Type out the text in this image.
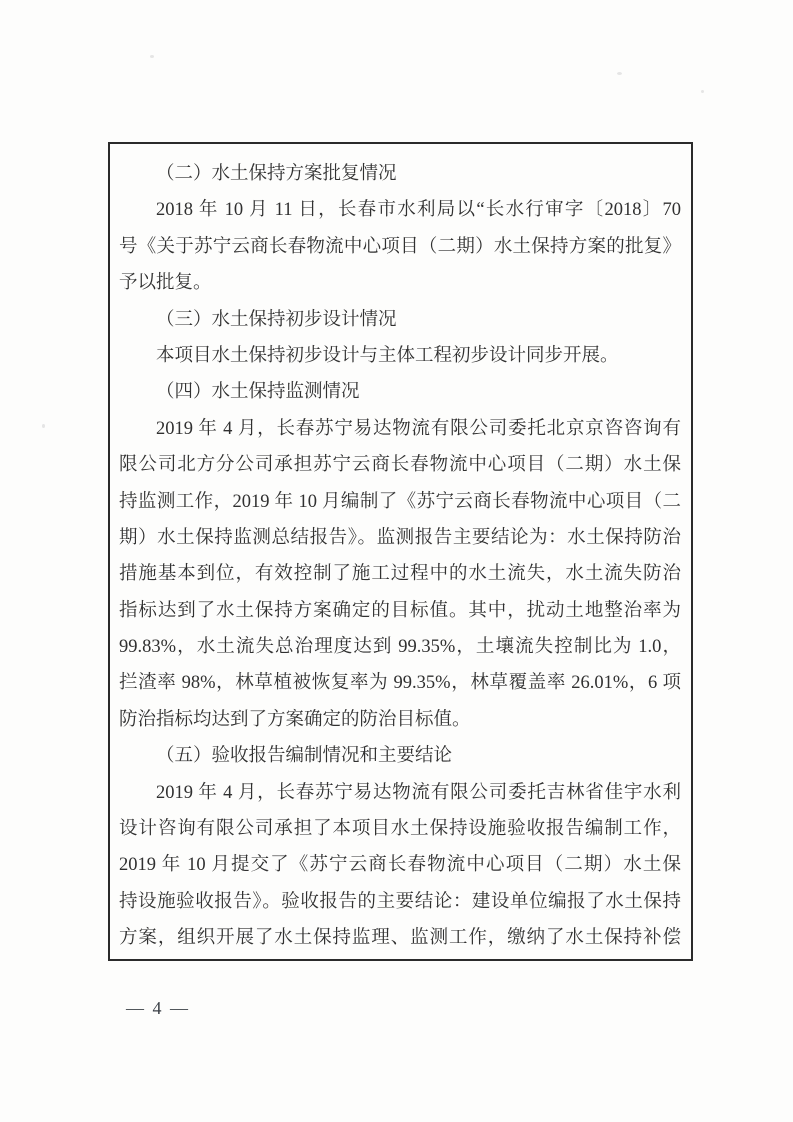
（二）水土保持方案批复情况
2018 年 10 月 11 日，长春市水利局以“长水行审字〔2018〕70
号《关于苏宁云商长春物流中心项目（二期）水土保持方案的批复》
予以批复。
（三）水土保持初步设计情况
本项目水土保持初步设计与主体工程初步设计同步开展。
（四）水土保持监测情况
2019 年 4 月，长春苏宁易达物流有限公司委托北京京咨咨询有
限公司北方分公司承担苏宁云商长春物流中心项目（二期）水土保
持监测工作，2019 年 10 月编制了《苏宁云商长春物流中心项目（二
期）水土保持监测总结报告》。监测报告主要结论为：水土保持防治
措施基本到位，有效控制了施工过程中的水土流失，水土流失防治
指标达到了水土保持方案确定的目标值。其中，扰动土地整治率为
99.83%，水土流失总治理度达到 99.35%，土壤流失控制比为 1.0，
拦渣率 98%，林草植被恢复率为 99.35%，林草覆盖率 26.01%，6 项
防治指标均达到了方案确定的防治目标值。
（五）验收报告编制情况和主要结论
2019 年 4 月，长春苏宁易达物流有限公司委托吉林省佳宇水利
设计咨询有限公司承担了本项目水土保持设施验收报告编制工作，
2019 年 10 月提交了《苏宁云商长春物流中心项目（二期）水土保
持设施验收报告》。验收报告的主要结论：建设单位编报了水土保持
方案，组织开展了水土保持监理、监测工作，缴纳了水土保持补偿
— 4 —
